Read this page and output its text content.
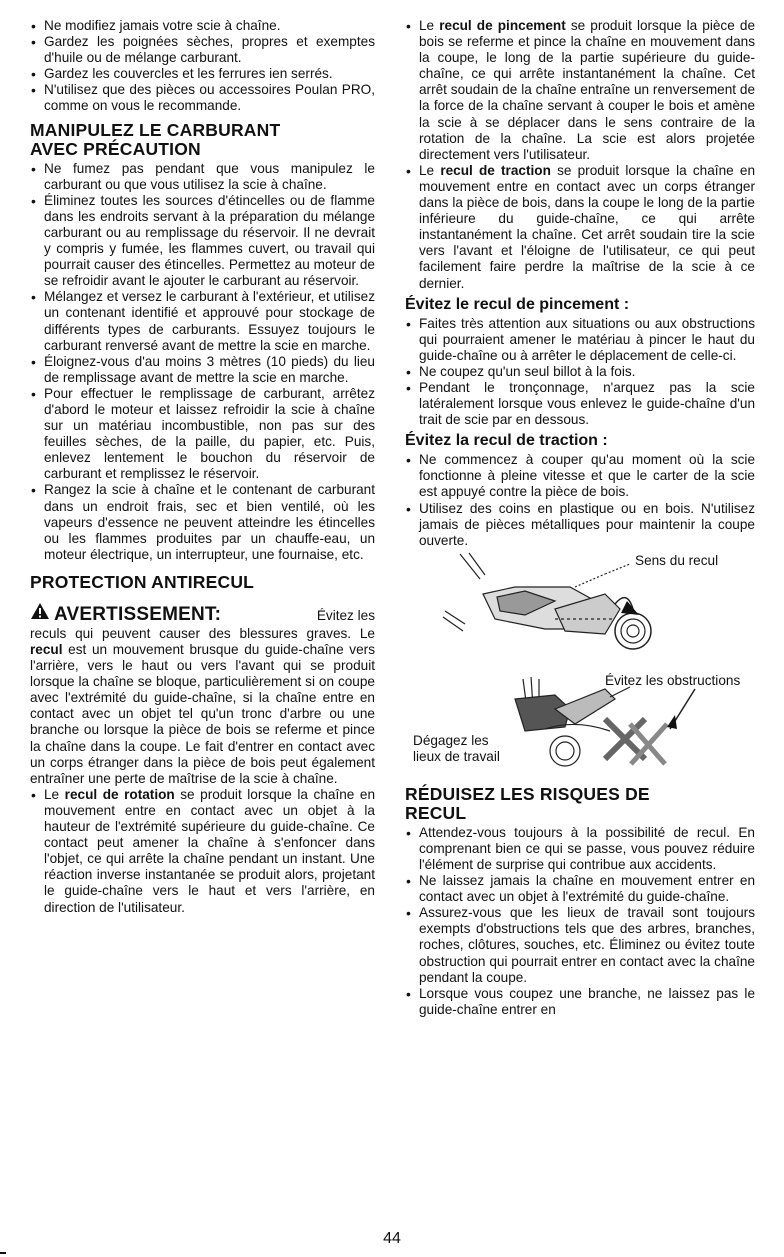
• Ne modifiez jamais votre scie à chaîne.
• Gardez les poignées sèches, propres et exemptes d'huile ou de mélange carburant.
• Gardez les couvercles et les ferrures ien serrés.
• N'utilisez que des pièces ou accessoires Poulan PRO, comme on vous le recommande.
MANIPULEZ LE CARBURANT AVEC PRÉCAUTION
• Ne fumez pas pendant que vous manipulez le carburant ou que vous utilisez la scie à chaîne.
• Éliminez toutes les sources d'étincelles ou de flamme dans les endroits servant à la préparation du mélange carburant ou au remplissage du réservoir. Il ne devrait y compris y fumée, les flammes cuvert, ou travail qui pourrait causer des étincelles. Permettez au moteur de se refroidir avant le ajouter le carburant au réservoir.
• Mélangez et versez le carburant à l'extérieur, et utilisez un contenant identifié et approuvé pour stockage de différents types de carburants. Essuyez toujours le carburant renversé avant de mettre la scie en marche.
• Éloignez-vous d'au moins 3 mètres (10 pieds) du lieu de remplissage avant de mettre la scie en marche.
• Pour effectuer le remplissage de carburant, arrêtez d'abord le moteur et laissez refroidir la scie à chaîne sur un matériau incombustible, non pas sur des feuilles sèches, de la paille, du papier, etc. Puis, enlevez lentement le bouchon du réservoir de carburant et remplissez le réservoir.
• Rangez la scie à chaîne et le contenant de carburant dans un endroit frais, sec et bien ventilé, où les vapeurs d'essence ne peuvent atteindre les étincelles ou les flammes produites par un chauffe-eau, un moteur électrique, un interrupteur, une fournaise, etc.
PROTECTION ANTIRECUL
AVERTISSEMENT:	Évitez les

reculs qui peuvent causer des blessures graves. Le recul est un mouvement brusque du guide-chaîne vers l'arrière, vers le haut ou vers l'avant qui se produit lorsque la chaîne se bloque, particulièrement si on coupe avec l'extrémité du guide-chaîne, si la chaîne entre en contact avec un objet tel qu'un tronc d'arbre ou une branche ou lorsque la pièce de bois se referme et pince la chaîne dans la coupe. Le fait d'entrer en contact avec un corps étranger dans la pièce de bois peut également entraîner une perte de maîtrise de la scie à chaîne.

• Le recul de rotation se produit lorsque la chaîne en mouvement entre en contact avec un objet à la hauteur de l'extrémité supérieure du guide-chaîne. Ce contact peut amener la chaîne à s'enfoncer dans l'objet, ce qui arrête la chaîne pendant un instant. Une réaction inverse instantanée se produit alors, projetant le guide-chaîne vers le haut et vers l'arrière, en direction de l'utilisateur.
• Le recul de pincement se produit lorsque la pièce de bois se referme et pince la chaîne en mouvement dans la coupe, le long de la partie supérieure du guide-chaîne, ce qui arrête instantanément la chaîne. Cet arrêt soudain de la chaîne entraîne un renversement de la force de la chaîne servant à couper le bois et amène la scie à se déplacer dans le sens contraire de la rotation de la chaîne. La scie est alors projetée directement vers l'utilisateur.
• Le recul de traction se produit lorsque la chaîne en mouvement entre en contact avec un corps étranger dans la pièce de bois, dans la coupe le long de la partie inférieure du guide-chaîne, ce qui arrête instantanément la chaîne. Cet arrêt soudain tire la scie vers l'avant et l'éloigne de l'utilisateur, ce qui peut facilement faire perdre la maîtrise de la scie à ce dernier.
Évitez le recul de pincement :
• Faites très attention aux situations ou aux obstructions qui pourraient amener le matériau à pincer le haut du guide-chaîne ou à arrêter le déplacement de celle-ci.
• Ne coupez qu'un seul billot à la fois.
• Pendant le tronçonnage, n'arquez pas la scie latéralement lorsque vous enlevez le guide-chaîne d'un trait de scie par en dessous.
Évitez la recul de traction :
• Ne commencez à couper qu'au moment où la scie fonctionne à pleine vitesse et que le carter de la scie est appuyé contre la pièce de bois.
• Utilisez des coins en plastique ou en bois. N'utilisez jamais de pièces métalliques pour maintenir la coupe ouverte.
Sens du recul
Évitez les obstructions
Dégagez les
lieux de travail
RÉDUISEZ LES RISQUES DE RECUL
• Attendez-vous toujours à la possibilité de recul. En comprenant bien ce qui se passe, vous pouvez réduire l'élément de surprise qui contribue aux accidents.
• Ne laissez jamais la chaîne en mouvement entrer en contact avec un objet à l'extrémité du guide-chaîne.
• Assurez-vous que les lieux de travail sont toujours exempts d'obstructions tels que des arbres, branches, roches, clôtures, souches, etc. Éliminez ou évitez toute obstruction qui pourrait entrer en contact avec la chaîne pendant la coupe.
• Lorsque vous coupez une branche, ne laissez pas le guide-chaîne entrer en
44
